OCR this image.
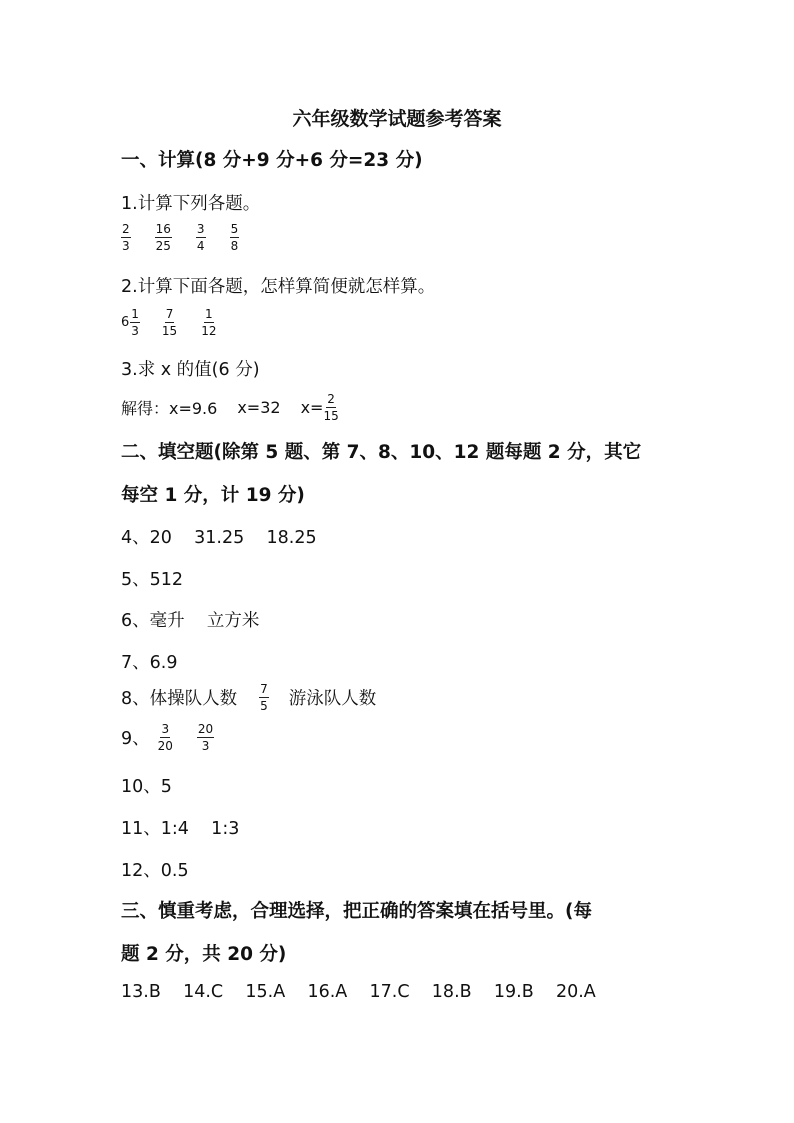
六年级数学试题参考答案
一、计算(8 分+9 分+6 分=23 分)
1.计算下列各题。
$\frac{2}{3} \frac{16}{25} \frac{3}{4} \frac{5}{8}$
2.计算下面各题，怎样算简便就怎样算。
$6 \frac{1}{3} \frac{7}{15} \frac{1}{12}$
3.求 x 的值(6 分)
解得：x=9.6 x=32 $x= \frac{2}{15}$
二、填空题(除第 5 题、第 7、8、10、12 题每题 2 分，其它
每空 1 分，计 19 分)
4、20    31.25    18.25
5、512
6、毫升    立方米
7、6.9
8、体操队人数 $\frac{7}{5}$ 游泳队人数
9、 $\frac{3}{20} \frac{20}{3}$
10、5
11、1:4    1:3
12、0.5
三、慎重考虑，合理选择，把正确的答案填在括号里。(每
题 2 分，共 20 分)
13.B    14.C    15.A    16.A    17.C    18.B    19.B    20.A
